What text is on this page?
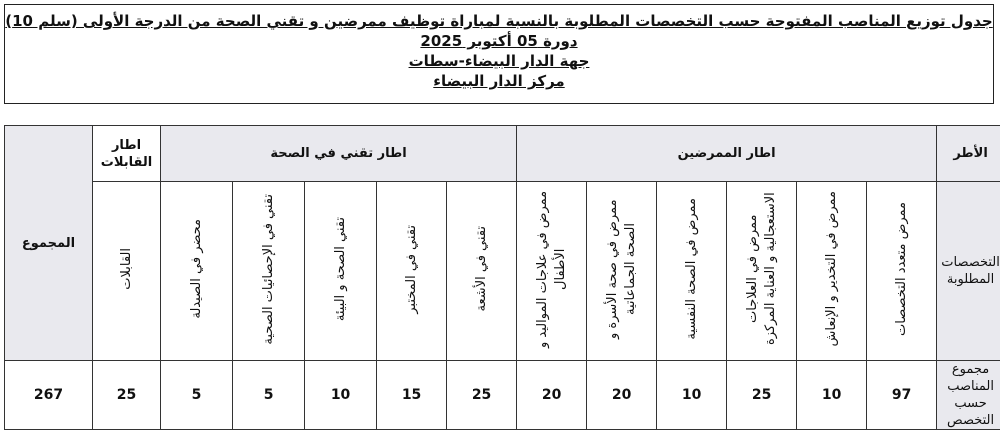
جدول توزيع المناصب المفتوحة حسب التخصصات المطلوبة بالنسبة لمباراة توظيف ممرضين و تقني الصحة من الدرجة الأولى (سلم 10)
دورة 05 أكتوبر 2025
جهة الدار البيضاء-سطات
مركز الدار البيضاء
الأطر	اطار الممرضين						اطار تقني في الصحة					اطار القابلات	المجموع

التخصصات المطلوبة	ممرض متعدد التخصصات	ممرض في التخدير و الإنعاش	ممرض في العلاجات الاستعجالية و العناية المركزة	ممرض في الصحة النفسية	ممرض في صحة الأسرة و الصحة الجماعاتية	ممرض في علاجات المواليد و الأطفال	تقني في الأشعة	تقني في المختبر	تقني الصحة و البيئة	تقني في الإحصائيات الصحية	محضر في الصيدلة	القابلات	

مجموع المناصب حسب التخصص	97	10	25	10	20	20	25	15	10	5	5	25	267
